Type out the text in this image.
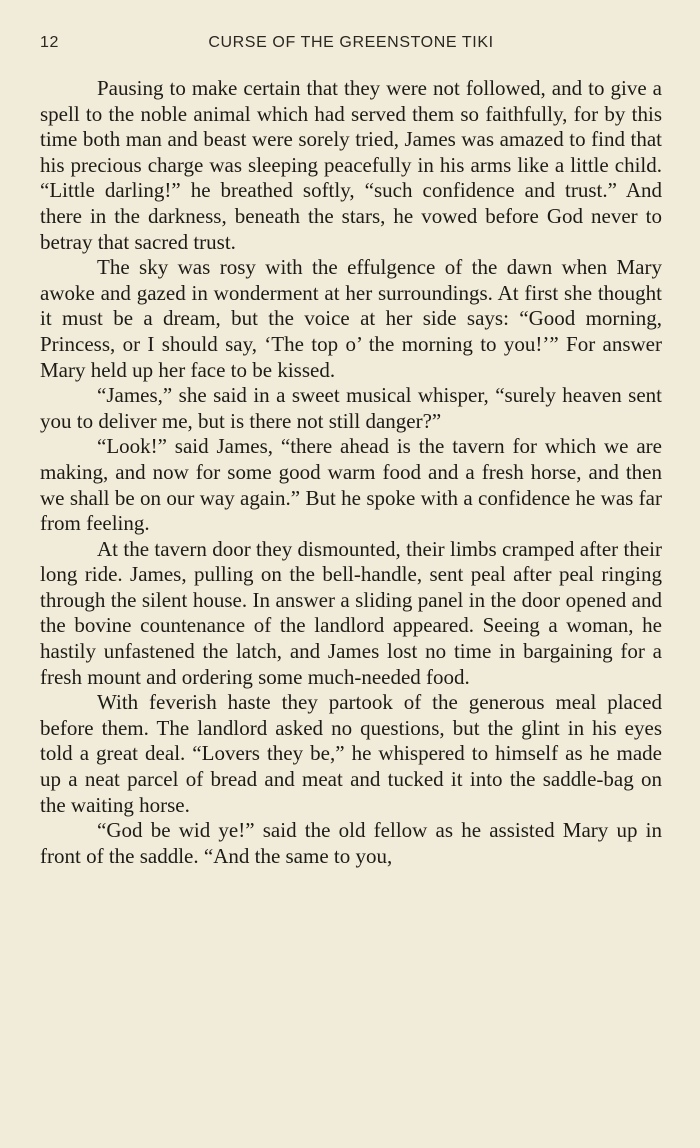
12	CURSE OF THE GREENSTONE TIKI

Pausing to make certain that they were not followed, and to give a spell to the noble animal which had served them so faithfully, for by this time both man and beast were sorely tried, James was amazed to find that his precious charge was sleeping peacefully in his arms like a little child. “Little darling!” he breathed softly, “such confidence and trust.” And there in the darkness, beneath the stars, he vowed before God never to betray that sacred trust.

The sky was rosy with the effulgence of the dawn when Mary awoke and gazed in wonderment at her surroundings. At first she thought it must be a dream, but the voice at her side says: “Good morning, Princess, or I should say, ‘The top o’ the morning to you!’” For answer Mary held up her face to be kissed.

“James,” she said in a sweet musical whisper, “surely heaven sent you to deliver me, but is there not still danger?”

“Look!” said James, “there ahead is the tavern for which we are making, and now for some good warm food and a fresh horse, and then we shall be on our way again.” But he spoke with a confidence he was far from feeling.

At the tavern door they dismounted, their limbs cramped after their long ride. James, pulling on the bell-handle, sent peal after peal ringing through the silent house. In answer a sliding panel in the door opened and the bovine countenance of the landlord appeared. Seeing a woman, he hastily unfastened the latch, and James lost no time in bargaining for a fresh mount and ordering some much-needed food.

With feverish haste they partook of the generous meal placed before them. The landlord asked no questions, but the glint in his eyes told a great deal. “Lovers they be,” he whispered to himself as he made up a neat parcel of bread and meat and tucked it into the saddle-bag on the waiting horse.

“God be wid ye!” said the old fellow as he assisted Mary up in front of the saddle. “And the same to you,
